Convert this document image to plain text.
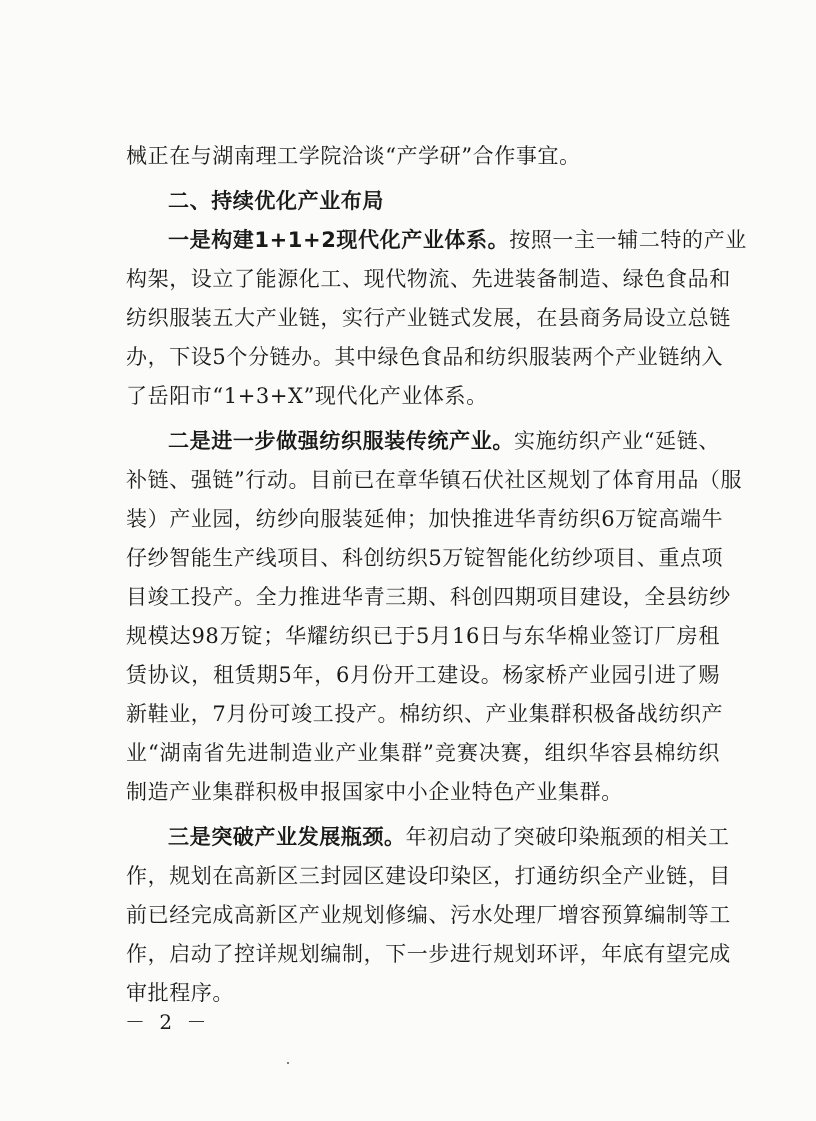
械正在与湖南理工学院洽谈“产学研”合作事宜。
二、持续优化产业布局
一是构建1+1+2现代化产业体系。按照一主一辅二特的产业
构架，设立了能源化工、现代物流、先进装备制造、绿色食品和
纺织服装五大产业链，实行产业链式发展，在县商务局设立总链
办，下设5个分链办。其中绿色食品和纺织服装两个产业链纳入
了岳阳市“1+3+X”现代化产业体系。
二是进一步做强纺织服装传统产业。实施纺织产业“延链、
补链、强链”行动。目前已在章华镇石伏社区规划了体育用品（服
装）产业园，纺纱向服装延伸；加快推进华青纺织6万锭高端牛
仔纱智能生产线项目、科创纺织5万锭智能化纺纱项目、重点项
目竣工投产。全力推进华青三期、科创四期项目建设，全县纺纱
规模达98万锭；华耀纺织已于5月16日与东华棉业签订厂房租
赁协议，租赁期5年，6月份开工建设。杨家桥产业园引进了赐
新鞋业，7月份可竣工投产。棉纺织、产业集群积极备战纺织产
业“湖南省先进制造业产业集群”竞赛决赛，组织华容县棉纺织
制造产业集群积极申报国家中小企业特色产业集群。
三是突破产业发展瓶颈。年初启动了突破印染瓶颈的相关工
作，规划在高新区三封园区建设印染区，打通纺织全产业链，目
前已经完成高新区产业规划修编、污水处理厂增容预算编制等工
作，启动了控详规划编制，下一步进行规划环评，年底有望完成
审批程序。
－ 2 －
